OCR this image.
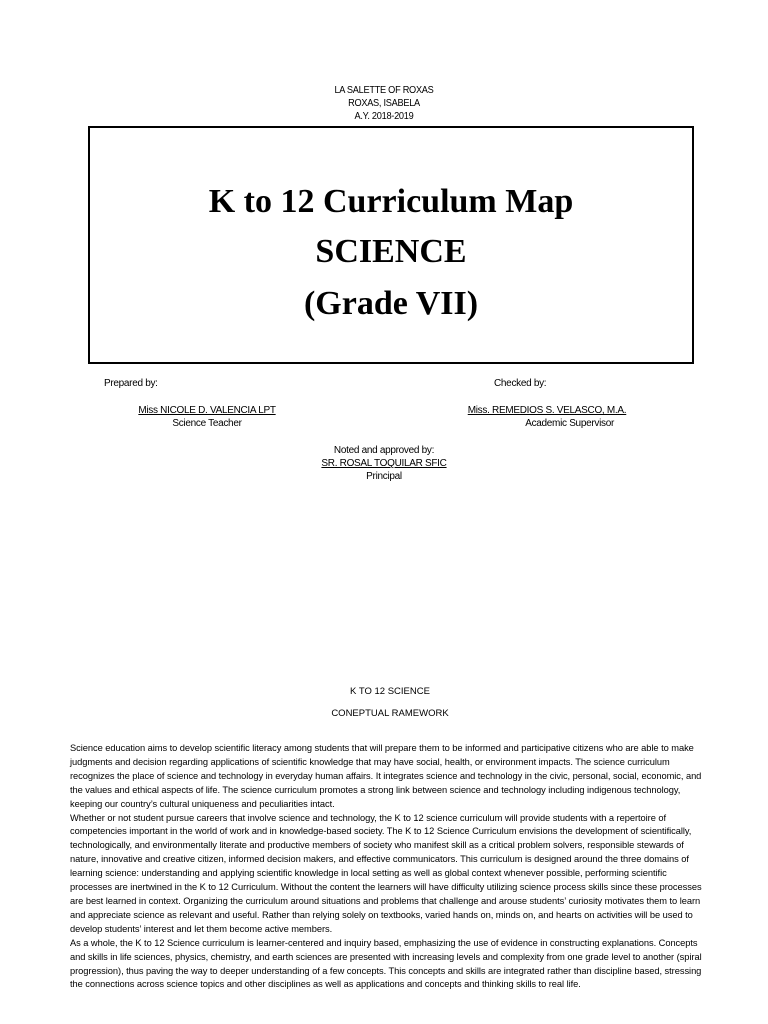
LA SALETTE OF ROXAS
ROXAS, ISABELA
A.Y. 2018-2019
K to 12 Curriculum Map
SCIENCE
(Grade VII)
Prepared by:	Checked by:
Miss NICOLE D. VALENCIA LPT
Science Teacher
Miss. REMEDIOS S. VELASCO, M.A.
Academic Supervisor
Noted and approved by:
SR. ROSAL TOQUILAR SFIC
Principal
K TO 12 SCIENCE
CONEPTUAL RAMEWORK

Science education aims to develop scientific literacy among students that will prepare them to be informed and participative citizens who are able to make judgments and decision regarding applications of scientific knowledge that may have social, health, or environment impacts. The science curriculum recognizes the place of science and technology in everyday human affairs. It integrates science and technology in the civic, personal, social, economic, and the values and ethical aspects of life. The science curriculum promotes a strong link between science and technology including indigenous technology, keeping our country’s cultural uniqueness and peculiarities intact.

Whether or not student pursue careers that involve science and technology, the K to 12 science curriculum will provide students with a repertoire of competencies important in the world of work and in knowledge-based society. The K to 12 Science Curriculum envisions the development of scientifically, technologically, and environmentally literate and productive members of society who manifest skill as a critical problem solvers, responsible stewards of nature, innovative and creative citizen, informed decision makers, and effective communicators. This curriculum is designed around the three domains of learning science: understanding and applying scientific knowledge in local setting as well as global context whenever possible, performing scientific processes are inertwined in the K to 12 Curriculum. Without the content the learners will have difficulty utilizing science process skills since these processes are best learned in context. Organizing the curriculum around situations and problems that challenge and arouse students’ curiosity motivates them to learn and appreciate science as relevant and useful. Rather than relying solely on textbooks, varied hands on, minds on, and hearts on activities will be used to develop students’ interest and let them become active members.

As a whole, the K to 12 Science curriculum is learner-centered and inquiry based, emphasizing the use of evidence in constructing explanations. Concepts and skills in life sciences, physics, chemistry, and earth sciences are presented with increasing levels and complexity from one grade level to another (spiral progression), thus paving the way to deeper understanding of a few concepts. This concepts and skills are integrated rather than discipline based, stressing the connections across science topics and other disciplines as well as applications and concepts and thinking skills to real life.
